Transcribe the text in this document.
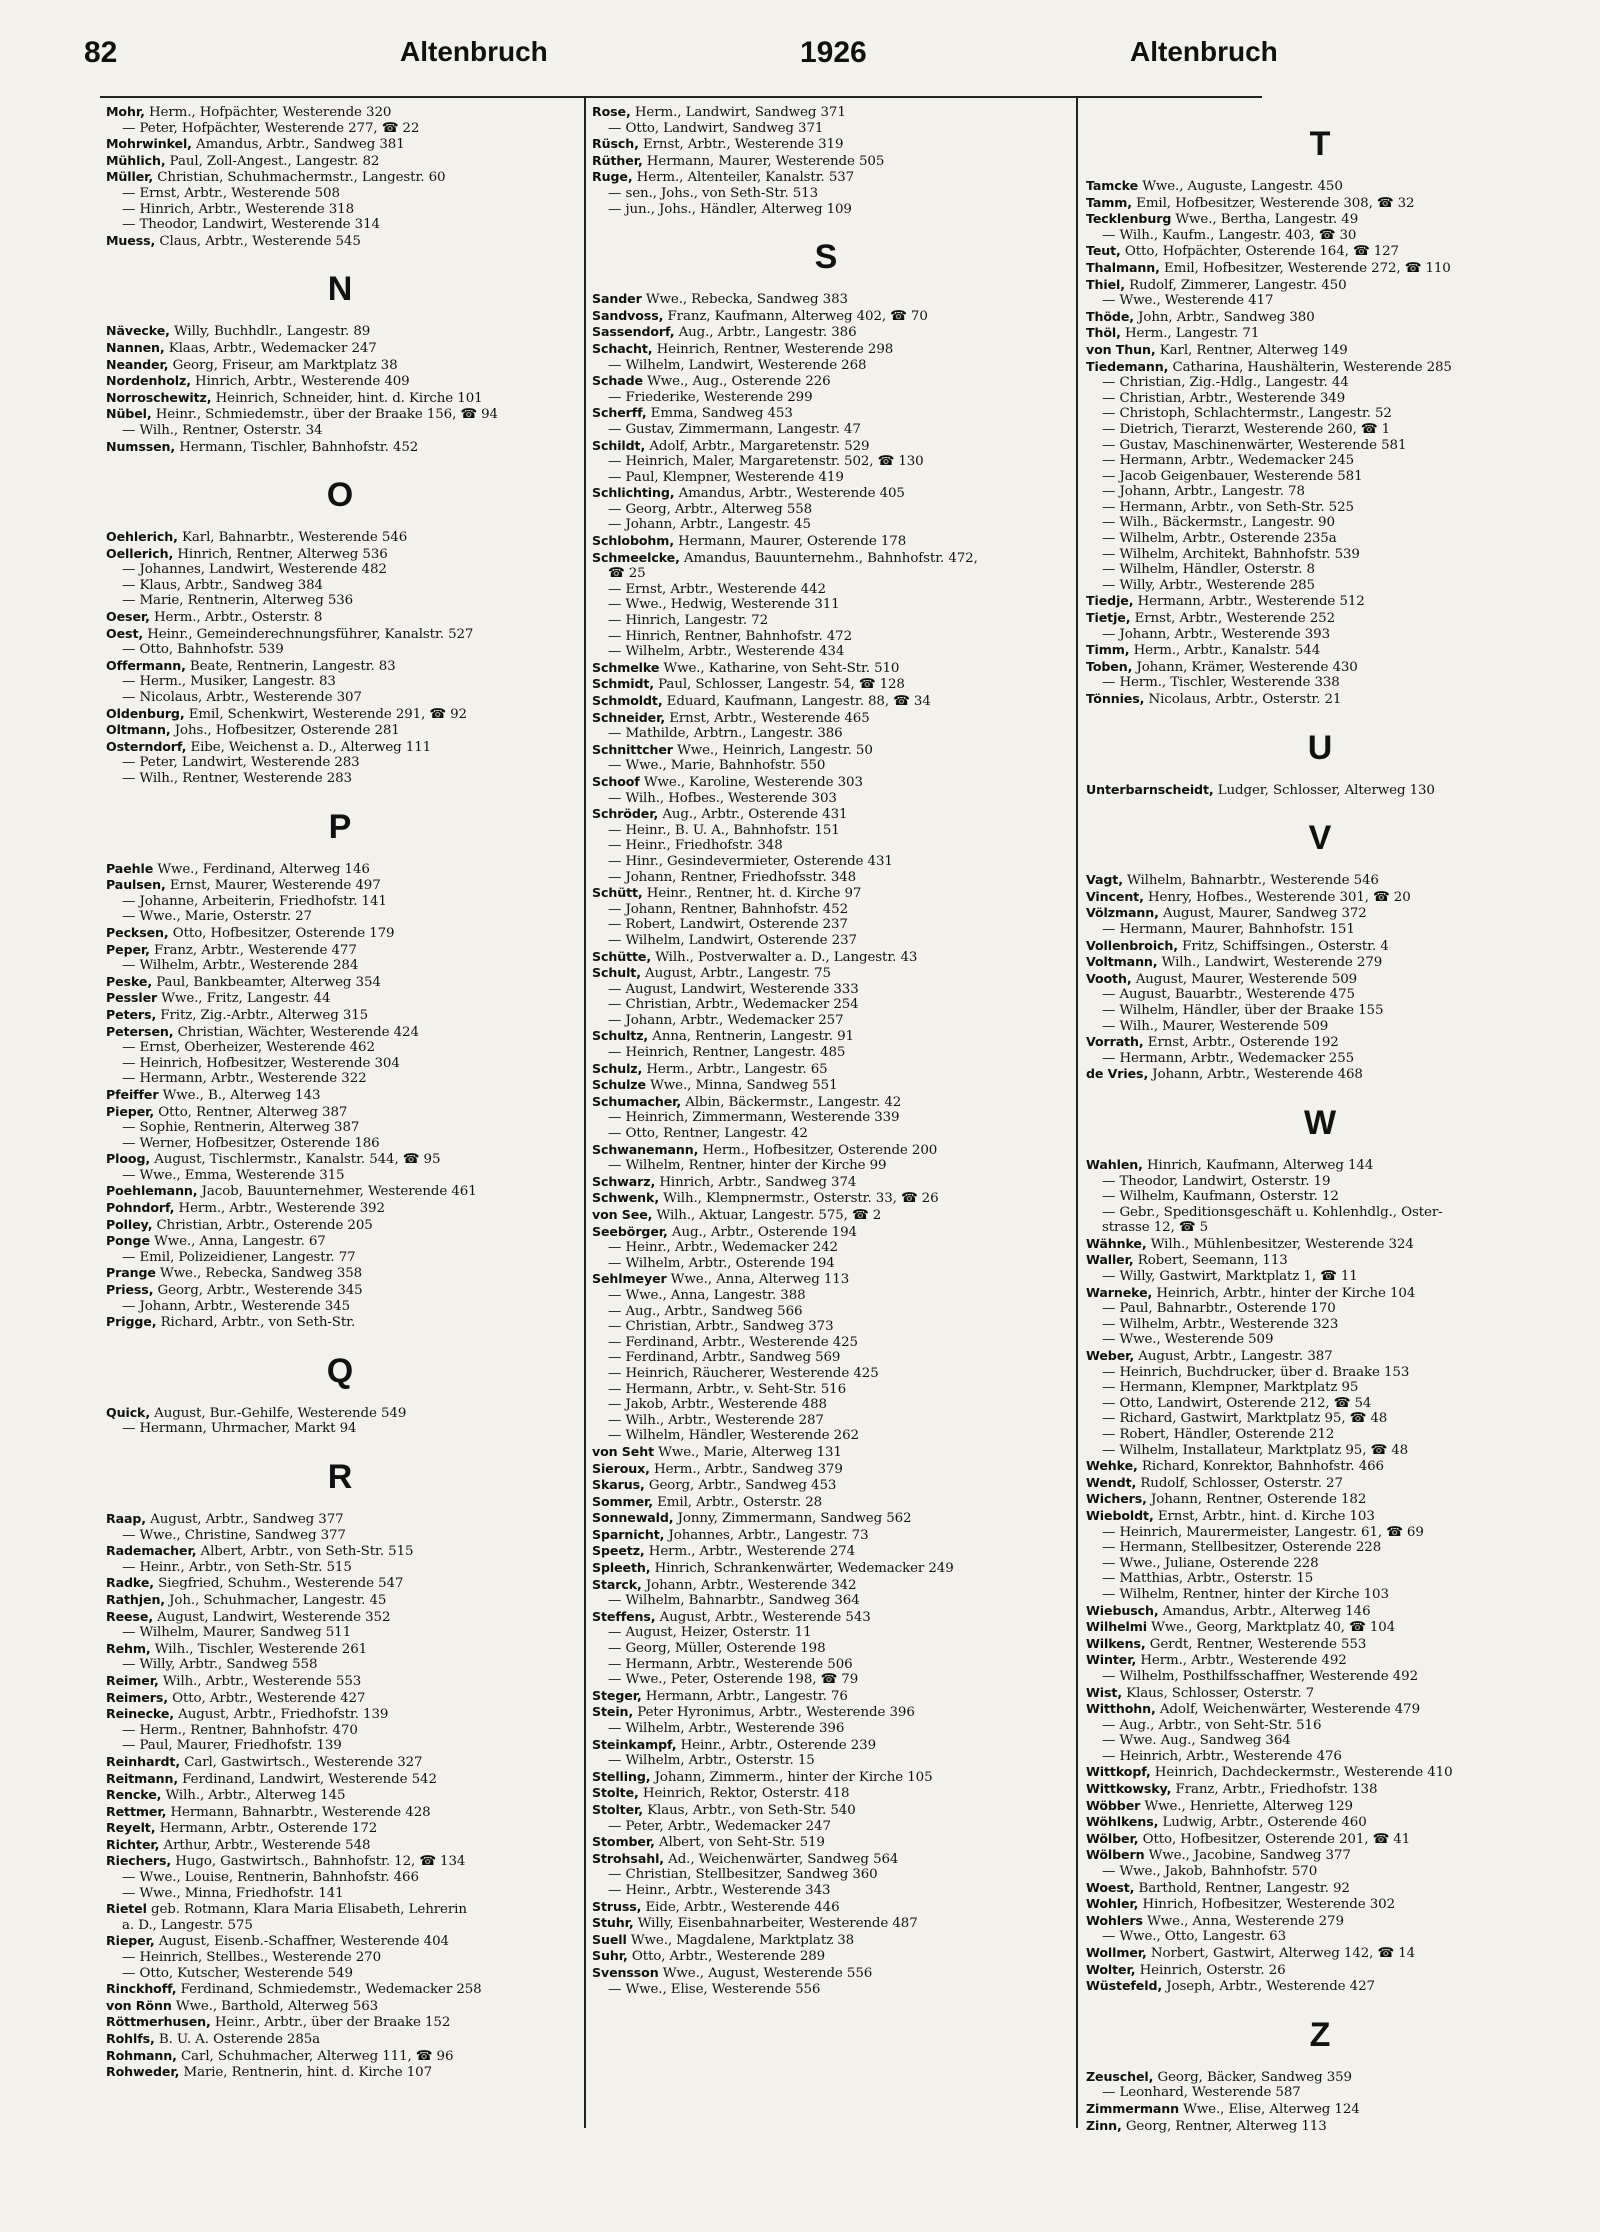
82	Altenbruch	1926	Altenbruch
Mohr, Herm., Hofpächter, Westerende 320
— Peter, Hofpächter, Westerende 277, ☎ 22
Mohrwinkel, Amandus, Arbtr., Sandweg 381
Mühlich, Paul, Zoll-Angest., Langestr. 82
Müller, Christian, Schuhmachermstr., Langestr. 60
— Ernst, Arbtr., Westerende 508
— Hinrich, Arbtr., Westerende 318
— Theodor, Landwirt, Westerende 314
Muess, Claus, Arbtr., Westerende 545
N
Nävecke, Willy, Buchhdlr., Langestr. 89
Nannen, Klaas, Arbtr., Wedemacker 247
Neander, Georg, Friseur, am Marktplatz 38
Nordenholz, Hinrich, Arbtr., Westerende 409
Norroschewitz, Heinrich, Schneider, hint. d. Kirche 101
Nübel, Heinr., Schmiedemstr., über der Braake 156, ☎ 94
— Wilh., Rentner, Osterstr. 34
Numssen, Hermann, Tischler, Bahnhofstr. 452
O
Oehlerich, Karl, Bahnarbtr., Westerende 546
Oellerich, Hinrich, Rentner, Alterweg 536
— Johannes, Landwirt, Westerende 482
— Klaus, Arbtr., Sandweg 384
— Marie, Rentnerin, Alterweg 536
Oeser, Herm., Arbtr., Osterstr. 8
Oest, Heinr., Gemeinderechnungsführer, Kanalstr. 527
— Otto, Bahnhofstr. 539
Offermann, Beate, Rentnerin, Langestr. 83
— Herm., Musiker, Langestr. 83
— Nicolaus, Arbtr., Westerende 307
Oldenburg, Emil, Schenkwirt, Westerende 291, ☎ 92
Oltmann, Johs., Hofbesitzer, Osterende 281
Osterndorf, Eibe, Weichenst a. D., Alterweg 111
— Peter, Landwirt, Westerende 283
— Wilh., Rentner, Westerende 283
P
Paehle Wwe., Ferdinand, Alterweg 146
Paulsen, Ernst, Maurer, Westerende 497
— Johanne, Arbeiterin, Friedhofstr. 141
— Wwe., Marie, Osterstr. 27
Pecksen, Otto, Hofbesitzer, Osterende 179
Peper, Franz, Arbtr., Westerende 477
— Wilhelm, Arbtr., Westerende 284
Peske, Paul, Bankbeamter, Alterweg 354
Pessler Wwe., Fritz, Langestr. 44
Peters, Fritz, Zig.-Arbtr., Alterweg 315
Petersen, Christian, Wächter, Westerende 424
— Ernst, Oberheizer, Westerende 462
— Heinrich, Hofbesitzer, Westerende 304
— Hermann, Arbtr., Westerende 322
Pfeiffer Wwe., B., Alterweg 143
Pieper, Otto, Rentner, Alterweg 387
— Sophie, Rentnerin, Alterweg 387
— Werner, Hofbesitzer, Osterende 186
Ploog, August, Tischlermstr., Kanalstr. 544, ☎ 95
— Wwe., Emma, Westerende 315
Poehlemann, Jacob, Bauunternehmer, Westerende 461
Pohndorf, Herm., Arbtr., Westerende 392
Polley, Christian, Arbtr., Osterende 205
Ponge Wwe., Anna, Langestr. 67
— Emil, Polizeidiener, Langestr. 77
Prange Wwe., Rebecka, Sandweg 358
Priess, Georg, Arbtr., Westerende 345
— Johann, Arbtr., Westerende 345
Prigge, Richard, Arbtr., von Seth-Str.
Q
Quick, August, Bur.-Gehilfe, Westerende 549
— Hermann, Uhrmacher, Markt 94
R
Raap, August, Arbtr., Sandweg 377
— Wwe., Christine, Sandweg 377
Rademacher, Albert, Arbtr., von Seth-Str. 515
— Heinr., Arbtr., von Seth-Str. 515
Radke, Siegfried, Schuhm., Westerende 547
Rathjen, Joh., Schuhmacher, Langestr. 45
Reese, August, Landwirt, Westerende 352
— Wilhelm, Maurer, Sandweg 511
Rehm, Wilh., Tischler, Westerende 261
— Willy, Arbtr., Sandweg 558
Reimer, Wilh., Arbtr., Westerende 553
Reimers, Otto, Arbtr., Westerende 427
Reinecke, August, Arbtr., Friedhofstr. 139
— Herm., Rentner, Bahnhofstr. 470
— Paul, Maurer, Friedhofstr. 139
Reinhardt, Carl, Gastwirtsch., Westerende 327
Reitmann, Ferdinand, Landwirt, Westerende 542
Rencke, Wilh., Arbtr., Alterweg 145
Rettmer, Hermann, Bahnarbtr., Westerende 428
Reyelt, Hermann, Arbtr., Osterende 172
Richter, Arthur, Arbtr., Westerende 548
Riechers, Hugo, Gastwirtsch., Bahnhofstr. 12, ☎ 134
— Wwe., Louise, Rentnerin, Bahnhofstr. 466
— Wwe., Minna, Friedhofstr. 141
Rietel geb. Rotmann, Klara Maria Elisabeth, Lehrerin
a. D., Langestr. 575
Rieper, August, Eisenb.-Schaffner, Westerende 404
— Heinrich, Stellbes., Westerende 270
— Otto, Kutscher, Westerende 549
Rinckhoff, Ferdinand, Schmiedemstr., Wedemacker 258
von Rönn Wwe., Barthold, Alterweg 563
Röttmerhusen, Heinr., Arbtr., über der Braake 152
Rohlfs, B. U. A. Osterende 285a
Rohmann, Carl, Schuhmacher, Alterweg 111, ☎ 96
Rohweder, Marie, Rentnerin, hint. d. Kirche 107
Rose, Herm., Landwirt, Sandweg 371
— Otto, Landwirt, Sandweg 371
Rüsch, Ernst, Arbtr., Westerende 319
Rüther, Hermann, Maurer, Westerende 505
Ruge, Herm., Altenteiler, Kanalstr. 537
— sen., Johs., von Seth-Str. 513
— jun., Johs., Händler, Alterweg 109
S
Sander Wwe., Rebecka, Sandweg 383
Sandvoss, Franz, Kaufmann, Alterweg 402, ☎ 70
Sassendorf, Aug., Arbtr., Langestr. 386
Schacht, Heinrich, Rentner, Westerende 298
— Wilhelm, Landwirt, Westerende 268
Schade Wwe., Aug., Osterende 226
— Friederike, Westerende 299
Scherff, Emma, Sandweg 453
— Gustav, Zimmermann, Langestr. 47
Schildt, Adolf, Arbtr., Margaretenstr. 529
— Heinrich, Maler, Margaretenstr. 502, ☎ 130
— Paul, Klempner, Westerende 419
Schlichting, Amandus, Arbtr., Westerende 405
— Georg, Arbtr., Alterweg 558
— Johann, Arbtr., Langestr. 45
Schlobohm, Hermann, Maurer, Osterende 178
Schmeelcke, Amandus, Bauunternehm., Bahnhofstr. 472,
☎ 25
— Ernst, Arbtr., Westerende 442
— Wwe., Hedwig, Westerende 311
— Hinrich, Langestr. 72
— Hinrich, Rentner, Bahnhofstr. 472
— Wilhelm, Arbtr., Westerende 434
Schmelke Wwe., Katharine, von Seht-Str. 510
Schmidt, Paul, Schlosser, Langestr. 54, ☎ 128
Schmoldt, Eduard, Kaufmann, Langestr. 88, ☎ 34
Schneider, Ernst, Arbtr., Westerende 465
— Mathilde, Arbtrn., Langestr. 386
Schnittcher Wwe., Heinrich, Langestr. 50
— Wwe., Marie, Bahnhofstr. 550
Schoof Wwe., Karoline, Westerende 303
— Wilh., Hofbes., Westerende 303
Schröder, Aug., Arbtr., Osterende 431
— Heinr., B. U. A., Bahnhofstr. 151
— Heinr., Friedhofstr. 348
— Hinr., Gesindevermieter, Osterende 431
— Johann, Rentner, Friedhofsstr. 348
Schütt, Heinr., Rentner, ht. d. Kirche 97
— Johann, Rentner, Bahnhofstr. 452
— Robert, Landwirt, Osterende 237
— Wilhelm, Landwirt, Osterende 237
Schütte, Wilh., Postverwalter a. D., Langestr. 43
Schult, August, Arbtr., Langestr. 75
— August, Landwirt, Westerende 333
— Christian, Arbtr., Wedemacker 254
— Johann, Arbtr., Wedemacker 257
Schultz, Anna, Rentnerin, Langestr. 91
— Heinrich, Rentner, Langestr. 485
Schulz, Herm., Arbtr., Langestr. 65
Schulze Wwe., Minna, Sandweg 551
Schumacher, Albin, Bäckermstr., Langestr. 42
— Heinrich, Zimmermann, Westerende 339
— Otto, Rentner, Langestr. 42
Schwanemann, Herm., Hofbesitzer, Osterende 200
— Wilhelm, Rentner, hinter der Kirche 99
Schwarz, Hinrich, Arbtr., Sandweg 374
Schwenk, Wilh., Klempnermstr., Osterstr. 33, ☎ 26
von See, Wilh., Aktuar, Langestr. 575, ☎ 2
Seebörger, Aug., Arbtr., Osterende 194
— Heinr., Arbtr., Wedemacker 242
— Wilhelm, Arbtr., Osterende 194
Sehlmeyer Wwe., Anna, Alterweg 113
— Wwe., Anna, Langestr. 388
— Aug., Arbtr., Sandweg 566
— Christian, Arbtr., Sandweg 373
— Ferdinand, Arbtr., Westerende 425
— Ferdinand, Arbtr., Sandweg 569
— Heinrich, Räucherer, Westerende 425
— Hermann, Arbtr., v. Seht-Str. 516
— Jakob, Arbtr., Westerende 488
— Wilh., Arbtr., Westerende 287
— Wilhelm, Händler, Westerende 262
von Seht Wwe., Marie, Alterweg 131
Sieroux, Herm., Arbtr., Sandweg 379
Skarus, Georg, Arbtr., Sandweg 453
Sommer, Emil, Arbtr., Osterstr. 28
Sonnewald, Jonny, Zimmermann, Sandweg 562
Sparnicht, Johannes, Arbtr., Langestr. 73
Speetz, Herm., Arbtr., Westerende 274
Spleeth, Hinrich, Schrankenwärter, Wedemacker 249
Starck, Johann, Arbtr., Westerende 342
— Wilhelm, Bahnarbtr., Sandweg 364
Steffens, August, Arbtr., Westerende 543
— August, Heizer, Osterstr. 11
— Georg, Müller, Osterende 198
— Hermann, Arbtr., Westerende 506
— Wwe., Peter, Osterende 198, ☎ 79
Steger, Hermann, Arbtr., Langestr. 76
Stein, Peter Hyronimus, Arbtr., Westerende 396
— Wilhelm, Arbtr., Westerende 396
Steinkampf, Heinr., Arbtr., Osterende 239
— Wilhelm, Arbtr., Osterstr. 15
Stelling, Johann, Zimmerm., hinter der Kirche 105
Stolte, Heinrich, Rektor, Osterstr. 418
Stolter, Klaus, Arbtr., von Seth-Str. 540
— Peter, Arbtr., Wedemacker 247
Stomber, Albert, von Seht-Str. 519
Strohsahl, Ad., Weichenwärter, Sandweg 564
— Christian, Stellbesitzer, Sandweg 360
— Heinr., Arbtr., Westerende 343
Struss, Eide, Arbtr., Westerende 446
Stuhr, Willy, Eisenbahnarbeiter, Westerende 487
Suell Wwe., Magdalene, Marktplatz 38
Suhr, Otto, Arbtr., Westerende 289
Svensson Wwe., August, Westerende 556
— Wwe., Elise, Westerende 556
T
Tamcke Wwe., Auguste, Langestr. 450
Tamm, Emil, Hofbesitzer, Westerende 308, ☎ 32
Tecklenburg Wwe., Bertha, Langestr. 49
— Wilh., Kaufm., Langestr. 403, ☎ 30
Teut, Otto, Hofpächter, Osterende 164, ☎ 127
Thalmann, Emil, Hofbesitzer, Westerende 272, ☎ 110
Thiel, Rudolf, Zimmerer, Langestr. 450
— Wwe., Westerende 417
Thöde, John, Arbtr., Sandweg 380
Thöl, Herm., Langestr. 71
von Thun, Karl, Rentner, Alterweg 149
Tiedemann, Catharina, Haushälterin, Westerende 285
— Christian, Zig.-Hdlg., Langestr. 44
— Christian, Arbtr., Westerende 349
— Christoph, Schlachtermstr., Langestr. 52
— Dietrich, Tierarzt, Westerende 260, ☎ 1
— Gustav, Maschinenwärter, Westerende 581
— Hermann, Arbtr., Wedemacker 245
— Jacob Geigenbauer, Westerende 581
— Johann, Arbtr., Langestr. 78
— Hermann, Arbtr., von Seth-Str. 525
— Wilh., Bäckermstr., Langestr. 90
— Wilhelm, Arbtr., Osterende 235a
— Wilhelm, Architekt, Bahnhofstr. 539
— Wilhelm, Händler, Osterstr. 8
— Willy, Arbtr., Westerende 285
Tiedje, Hermann, Arbtr., Westerende 512
Tietje, Ernst, Arbtr., Westerende 252
— Johann, Arbtr., Westerende 393
Timm, Herm., Arbtr., Kanalstr. 544
Toben, Johann, Krämer, Westerende 430
— Herm., Tischler, Westerende 338
Tönnies, Nicolaus, Arbtr., Osterstr. 21
U
Unterbarnscheidt, Ludger, Schlosser, Alterweg 130
V
Vagt, Wilhelm, Bahnarbtr., Westerende 546
Vincent, Henry, Hofbes., Westerende 301, ☎ 20
Völzmann, August, Maurer, Sandweg 372
— Hermann, Maurer, Bahnhofstr. 151
Vollenbroich, Fritz, Schiffsingen., Osterstr. 4
Voltmann, Wilh., Landwirt, Westerende 279
Vooth, August, Maurer, Westerende 509
— August, Bauarbtr., Westerende 475
— Wilhelm, Händler, über der Braake 155
— Wilh., Maurer, Westerende 509
Vorrath, Ernst, Arbtr., Osterende 192
— Hermann, Arbtr., Wedemacker 255
de Vries, Johann, Arbtr., Westerende 468
W
Wahlen, Hinrich, Kaufmann, Alterweg 144
— Theodor, Landwirt, Osterstr. 19
— Wilhelm, Kaufmann, Osterstr. 12
— Gebr., Speditionsgeschäft u. Kohlenhdlg., Oster-
strasse 12, ☎ 5
Wähnke, Wilh., Mühlenbesitzer, Westerende 324
Waller, Robert, Seemann, 113
— Willy, Gastwirt, Marktplatz 1, ☎ 11
Warneke, Heinrich, Arbtr., hinter der Kirche 104
— Paul, Bahnarbtr., Osterende 170
— Wilhelm, Arbtr., Westerende 323
— Wwe., Westerende 509
Weber, August, Arbtr., Langestr. 387
— Heinrich, Buchdrucker, über d. Braake 153
— Hermann, Klempner, Marktplatz 95
— Otto, Landwirt, Osterende 212, ☎ 54
— Richard, Gastwirt, Marktplatz 95, ☎ 48
— Robert, Händler, Osterende 212
— Wilhelm, Installateur, Marktplatz 95, ☎ 48
Wehke, Richard, Konrektor, Bahnhofstr. 466
Wendt, Rudolf, Schlosser, Osterstr. 27
Wichers, Johann, Rentner, Osterende 182
Wieboldt, Ernst, Arbtr., hint. d. Kirche 103
— Heinrich, Maurermeister, Langestr. 61, ☎ 69
— Hermann, Stellbesitzer, Osterende 228
— Wwe., Juliane, Osterende 228
— Matthias, Arbtr., Osterstr. 15
— Wilhelm, Rentner, hinter der Kirche 103
Wiebusch, Amandus, Arbtr., Alterweg 146
Wilhelmi Wwe., Georg, Marktplatz 40, ☎ 104
Wilkens, Gerdt, Rentner, Westerende 553
Winter, Herm., Arbtr., Westerende 492
— Wilhelm, Posthilfsschaffner, Westerende 492
Wist, Klaus, Schlosser, Osterstr. 7
Witthohn, Adolf, Weichenwärter, Westerende 479
— Aug., Arbtr., von Seht-Str. 516
— Wwe. Aug., Sandweg 364
— Heinrich, Arbtr., Westerende 476
Wittkopf, Heinrich, Dachdeckermstr., Westerende 410
Wittkowsky, Franz, Arbtr., Friedhofstr. 138
Wöbber Wwe., Henriette, Alterweg 129
Wöhlkens, Ludwig, Arbtr., Osterende 460
Wölber, Otto, Hofbesitzer, Osterende 201, ☎ 41
Wölbern Wwe., Jacobine, Sandweg 377
— Wwe., Jakob, Bahnhofstr. 570
Woest, Barthold, Rentner, Langestr. 92
Wohler, Hinrich, Hofbesitzer, Westerende 302
Wohlers Wwe., Anna, Westerende 279
— Wwe., Otto, Langestr. 63
Wollmer, Norbert, Gastwirt, Alterweg 142, ☎ 14
Wolter, Heinrich, Osterstr. 26
Wüstefeld, Joseph, Arbtr., Westerende 427
Z
Zeuschel, Georg, Bäcker, Sandweg 359
— Leonhard, Westerende 587
Zimmermann Wwe., Elise, Alterweg 124
Zinn, Georg, Rentner, Alterweg 113
